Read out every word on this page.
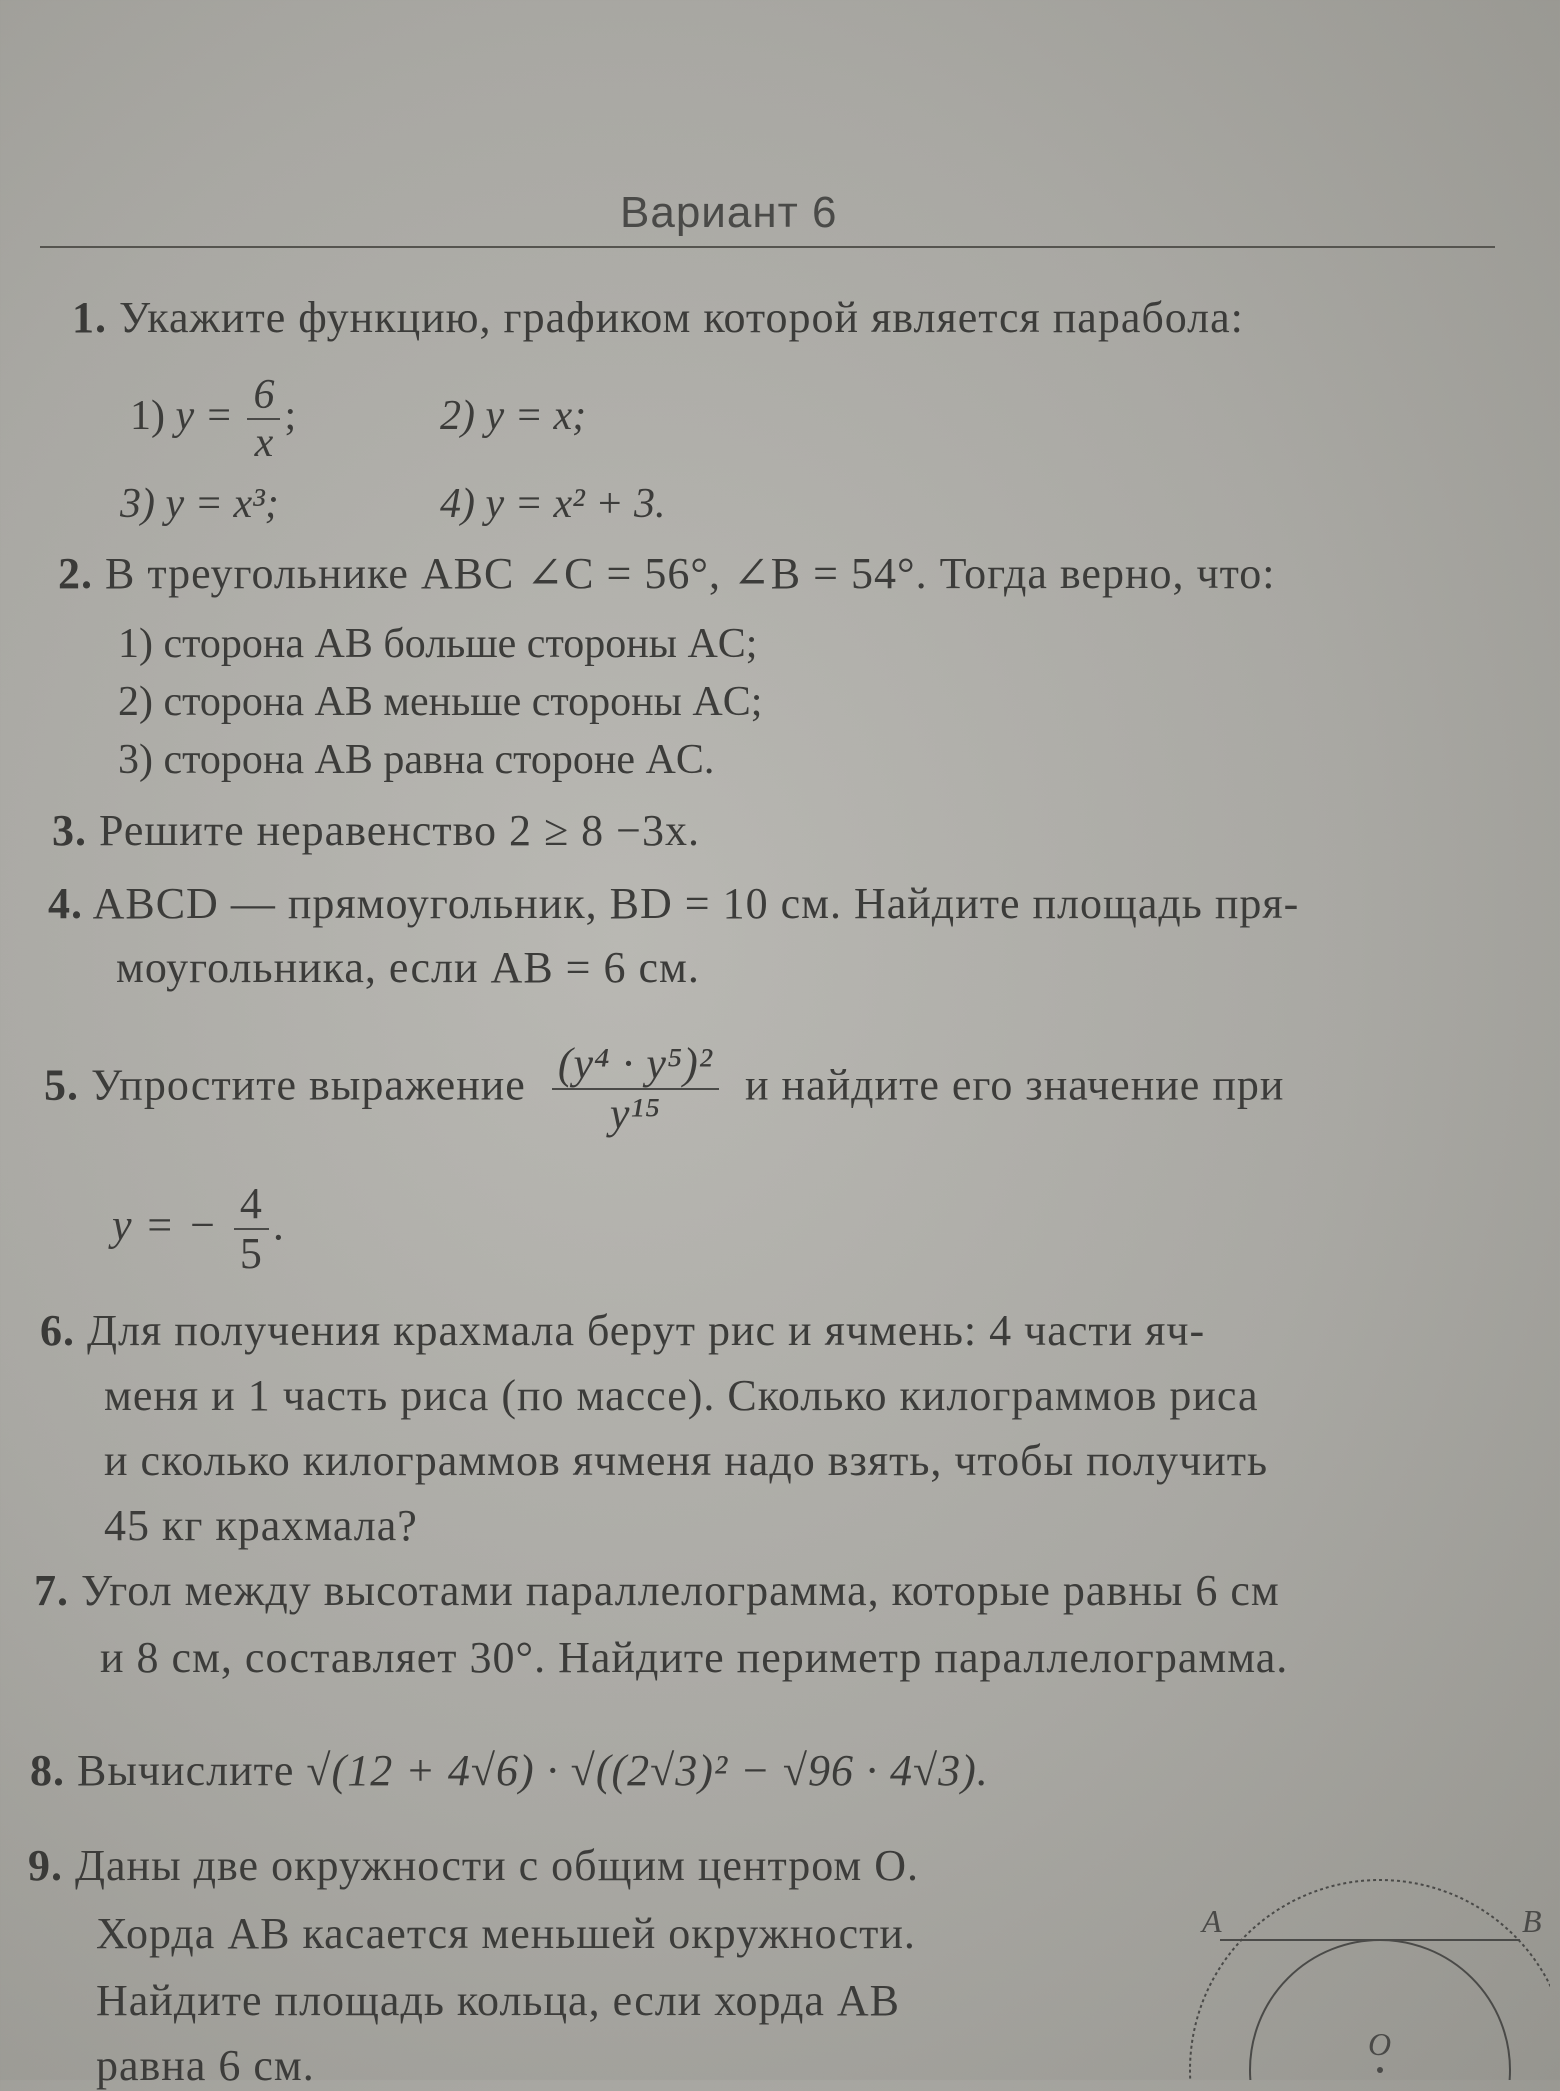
Вариант 6
1. Укажите функцию, графиком которой является парабола:
1) $y = \frac{6}{x}$ ;	2) y = x;
3) y = x³;	4) y = x² + 3.
2. В треугольнике ABC ∠C = 56°, ∠B = 54°. Тогда верно, что:
1) сторона AB больше стороны AC;
2) сторона AB меньше стороны AC;
3) сторона AB равна стороне AC.
3. Решите неравенство 2 ≥ 8 −3x.
4. ABCD — прямоугольник, BD = 10 см. Найдите площадь пря-
моугольника, если AB = 6 см.
5. Упростите выражение $\frac{\text{(y⁴ · y⁵)²}}{\text{y¹⁵}}$ и найдите его значение при
y = − $\frac{4}{5}$ .
6. Для получения крахмала берут рис и ячмень: 4 части яч-
меня и 1 часть риса (по массе). Сколько килограммов риса
и сколько килограммов ячменя надо взять, чтобы получить
45 кг крахмала?
7. Угол между высотами параллелограмма, которые равны 6 см
и 8 см, составляет 30°. Найдите периметр параллелограмма.
8. Вычислите √(12 + 4√6) · √((2√3)² − √96 · 4√3).
9. Даны две окружности с общим центром O.
Хорда AB касается меньшей окружности.
Найдите площадь кольца, если хорда AB
равна 6 см.
A	B
O
